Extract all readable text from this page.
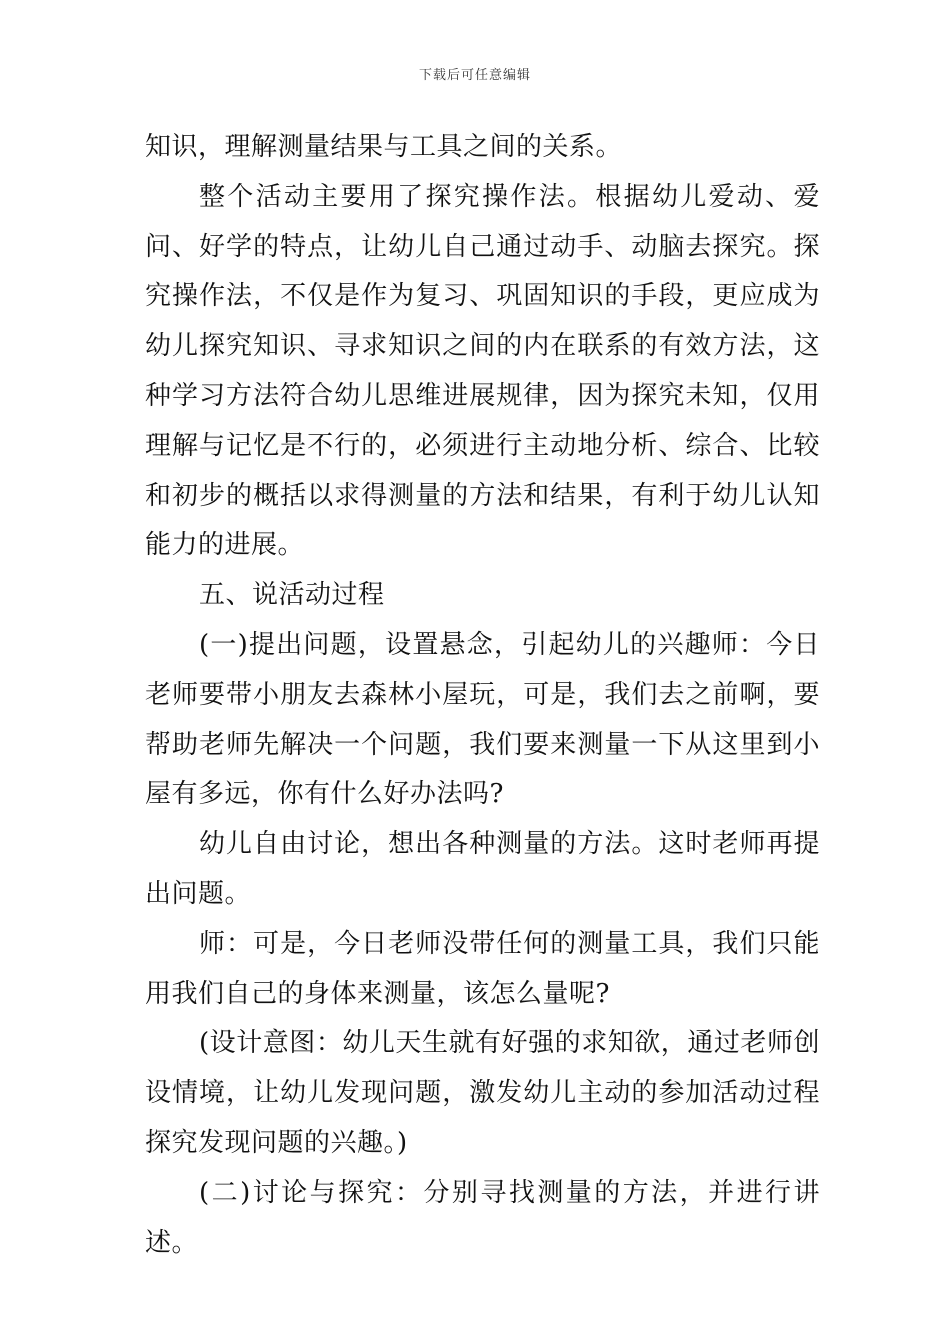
下载后可任意编辑

知识，理解测量结果与工具之间的关系。

整个活动主要用了探究操作法。根据幼儿爱动、爱问、好学的特点，让幼儿自己通过动手、动脑去探究。探究操作法，不仅是作为复习、巩固知识的手段，更应成为幼儿探究知识、寻求知识之间的内在联系的有效方法，这种学习方法符合幼儿思维进展规律，因为探究未知，仅用理解与记忆是不行的，必须进行主动地分析、综合、比较和初步的概括以求得测量的方法和结果，有利于幼儿认知能力的进展。

五、说活动过程

(一)提出问题，设置悬念，引起幼儿的兴趣师：今日老师要带小朋友去森林小屋玩，可是，我们去之前啊，要帮助老师先解决一个问题，我们要来测量一下从这里到小屋有多远，你有什么好办法吗?

幼儿自由讨论，想出各种测量的方法。这时老师再提出问题。

师：可是，今日老师没带任何的测量工具，我们只能用我们自己的身体来测量，该怎么量呢?

(设计意图：幼儿天生就有好强的求知欲，通过老师创设情境，让幼儿发现问题，激发幼儿主动的参加活动过程探究发现问题的兴趣。)

(二)讨论与探究：分别寻找测量的方法，并进行讲述。
